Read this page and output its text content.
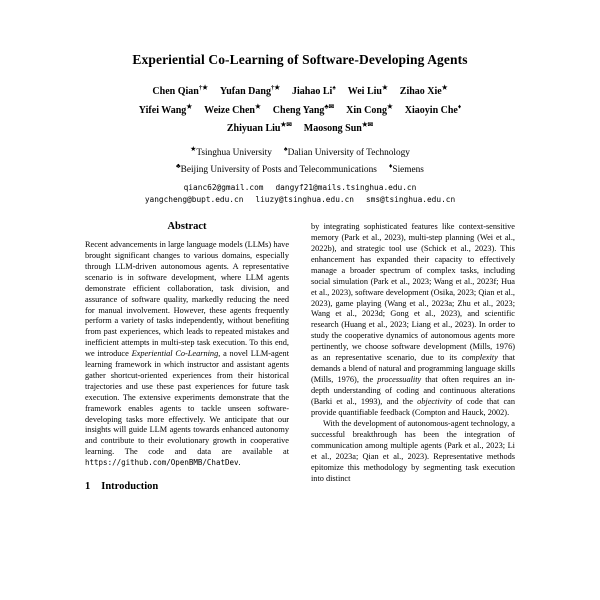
Experiential Co-Learning of Software-Developing Agents
Chen Qian†★ Yufan Dang†★ Jiahao Li♠ Wei Liu★ Zihao Xie★
Yifei Wang★ Weize Chen★ Cheng Yang♣✉ Xin Cong★ Xiaoyin Che♦
Zhiyuan Liu★✉ Maosong Sun★✉
★Tsinghua University ♠Dalian University of Technology
♣Beijing University of Posts and Telecommunications ♦Siemens
qianc62@gmail.com dangyf21@mails.tsinghua.edu.cn
yangcheng@bupt.edu.cn liuzy@tsinghua.edu.cn sms@tsinghua.edu.cn
Abstract

Recent advancements in large language models (LLMs) have brought significant changes to various domains, especially through LLM-driven autonomous agents. A representative scenario is in software development, where LLM agents demonstrate efficient collaboration, task division, and assurance of software quality, markedly reducing the need for manual involvement. However, these agents frequently perform a variety of tasks independently, without benefiting from past experiences, which leads to repeated mistakes and inefficient attempts in multi-step task execution. To this end, we introduce Experiential Co-Learning, a novel LLM-agent learning framework in which instructor and assistant agents gather shortcut-oriented experiences from their historical trajectories and use these past experiences for future task execution. The extensive experiments demonstrate that the framework enables agents to tackle unseen software-developing tasks more effectively. We anticipate that our insights will guide LLM agents towards enhanced autonomy and contribute to their evolutionary growth in cooperative learning. The code and data are available at https://github.com/OpenBMB/ChatDev.

1 Introduction

by integrating sophisticated features like context-sensitive memory (Park et al., 2023), multi-step planning (Wei et al., 2022b), and strategic tool use (Schick et al., 2023). This enhancement has expanded their capacity to effectively manage a broader spectrum of complex tasks, including social simulation (Park et al., 2023; Wang et al., 2023f; Hua et al., 2023), software development (Osika, 2023; Qian et al., 2023), game playing (Wang et al., 2023a; Zhu et al., 2023; Wang et al., 2023d; Gong et al., 2023), and scientific research (Huang et al., 2023; Liang et al., 2023). In order to study the cooperative dynamics of autonomous agents more pertinently, we choose software development (Mills, 1976) as an representative scenario, due to its complexity that demands a blend of natural and programming language skills (Mills, 1976), the processuality that often requires an in-depth understanding of coding and continuous alterations (Barki et al., 1993), and the objectivity of code that can provide quantifiable feedback (Compton and Hauck, 2002).

With the development of autonomous-agent technology, a successful breakthrough has been the integration of communication among multiple agents (Park et al., 2023; Li et al., 2023a; Qian et al., 2023). Representative methods epitomize this methodology by segmenting task execution into distinct
